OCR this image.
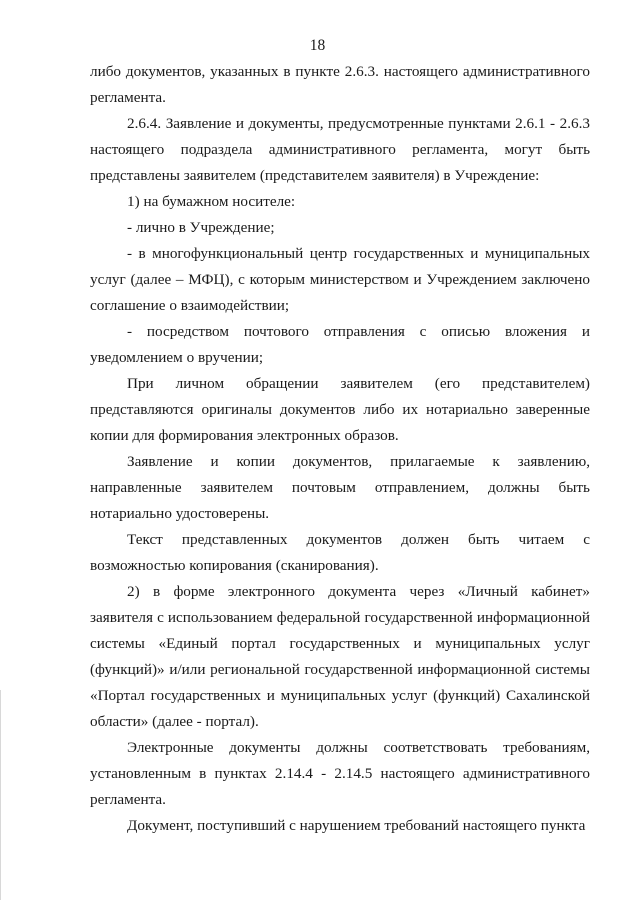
18

либо документов, указанных в пункте 2.6.3. настоящего административного регламента.

2.6.4. Заявление и документы, предусмотренные пунктами 2.6.1 - 2.6.3 настоящего подраздела административного регламента, могут быть представлены заявителем (представителем заявителя) в Учреждение:

1) на бумажном носителе:

- лично в Учреждение;

- в многофункциональный центр государственных и муниципальных услуг (далее – МФЦ), с которым министерством и Учреждением заключено соглашение о взаимодействии;

- посредством почтового отправления с описью вложения и уведомлением о вручении;

При личном обращении заявителем (его представителем) представляются оригиналы документов либо их нотариально заверенные копии для формирования электронных образов.

Заявление и копии документов, прилагаемые к заявлению, направленные заявителем почтовым отправлением, должны быть нотариально удостоверены.

Текст представленных документов должен быть читаем с возможностью копирования (сканирования).

2) в форме электронного документа через «Личный кабинет» заявителя с использованием федеральной государственной информационной системы «Единый портал государственных и муниципальных услуг (функций)» и/или региональной государственной информационной системы «Портал государственных и муниципальных услуг (функций) Сахалинской области» (далее - портал).

Электронные документы должны соответствовать требованиям, установленным в пунктах 2.14.4 - 2.14.5 настоящего административного регламента.

Документ, поступивший с нарушением требований настоящего пункта
